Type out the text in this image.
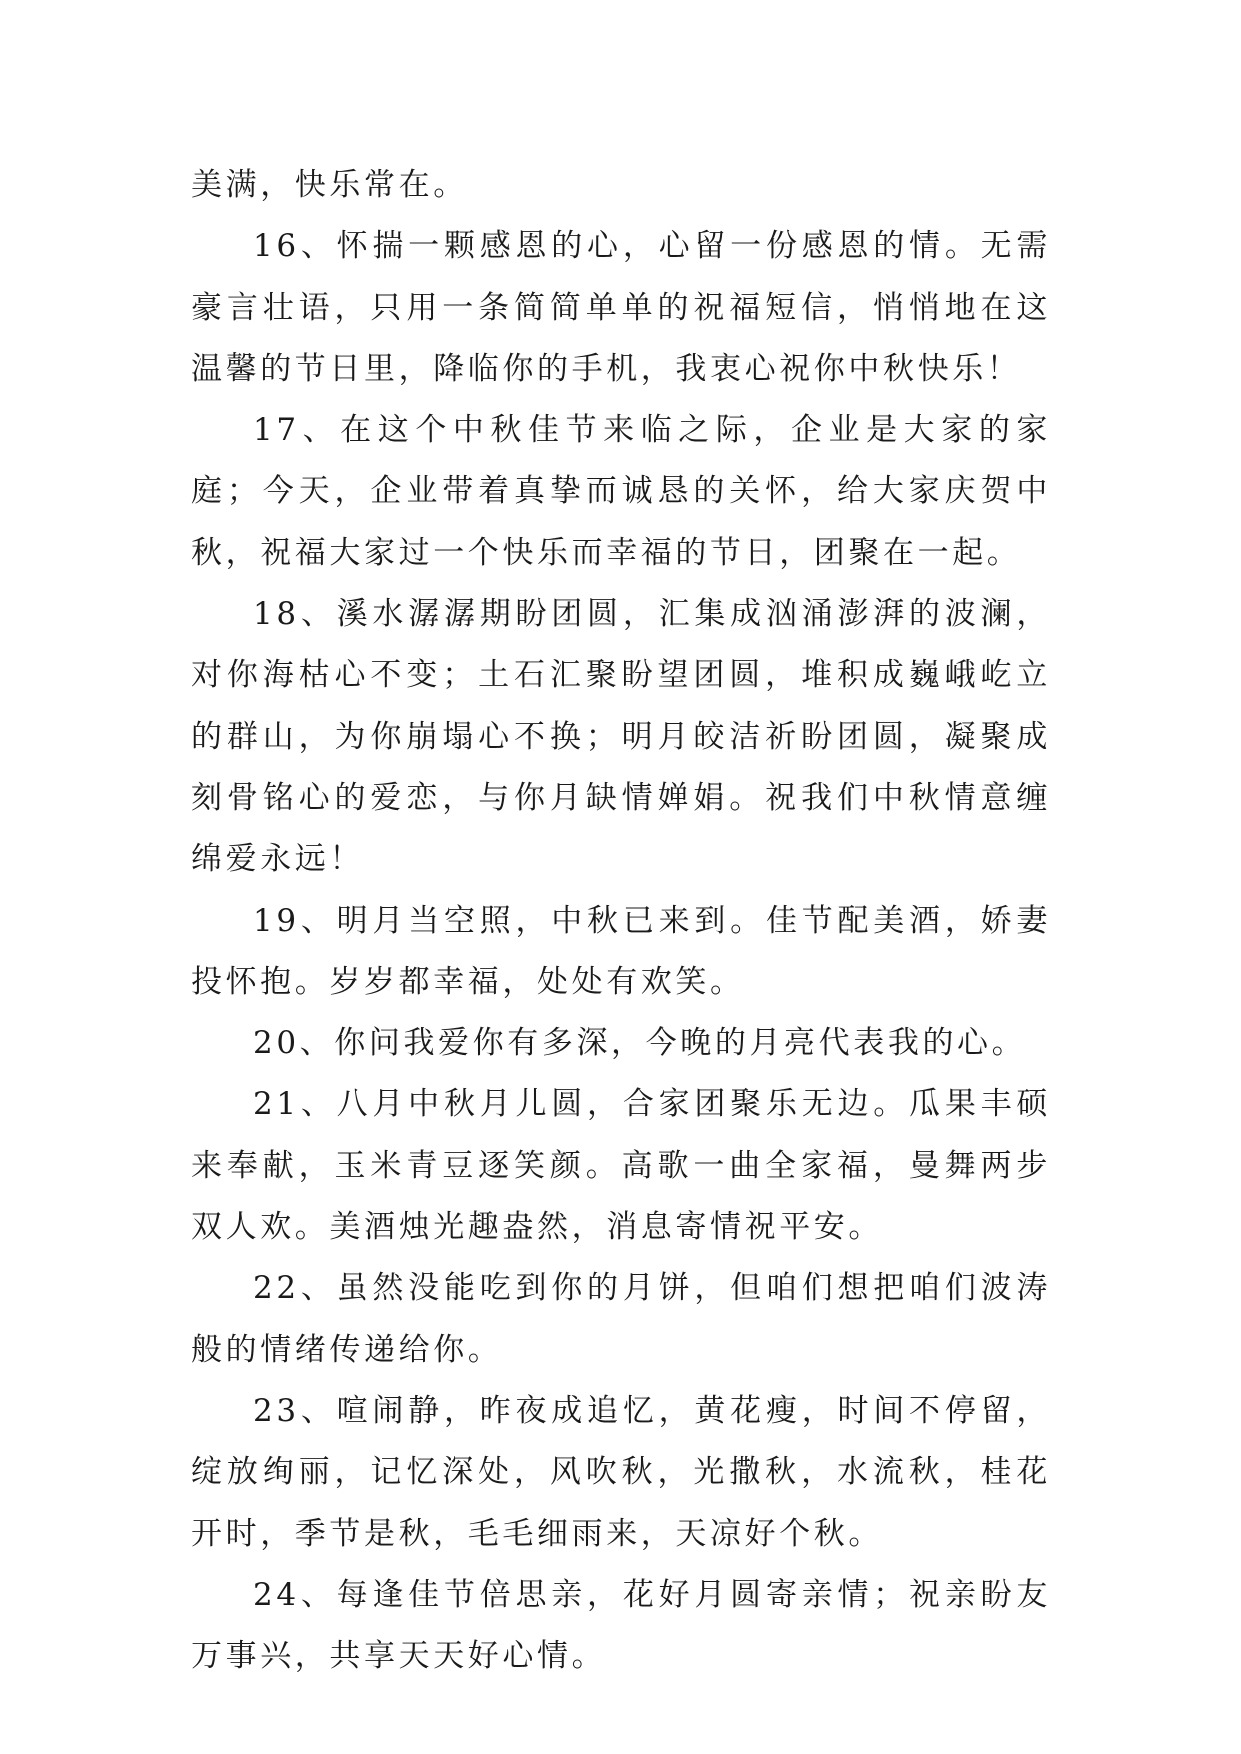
美满，快乐常在。

16、怀揣一颗感恩的心，心留一份感恩的情。无需豪言壮语，只用一条简简单单的祝福短信，悄悄地在这温馨的节日里，降临你的手机，我衷心祝你中秋快乐！

17、在这个中秋佳节来临之际，企业是大家的家庭；今天，企业带着真挚而诚恳的关怀，给大家庆贺中秋，祝福大家过一个快乐而幸福的节日，团聚在一起。

18、溪水潺潺期盼团圆，汇集成汹涌澎湃的波澜，对你海枯心不变；土石汇聚盼望团圆，堆积成巍峨屹立的群山，为你崩塌心不换；明月皎洁祈盼团圆，凝聚成刻骨铭心的爱恋，与你月缺情婵娟。祝我们中秋情意缠绵爱永远！

19、明月当空照，中秋已来到。佳节配美酒，娇妻投怀抱。岁岁都幸福，处处有欢笑。

20、你问我爱你有多深，今晚的月亮代表我的心。

21、八月中秋月儿圆，合家团聚乐无边。瓜果丰硕来奉献，玉米青豆逐笑颜。高歌一曲全家福，曼舞两步双人欢。美酒烛光趣盎然，消息寄情祝平安。

22、虽然没能吃到你的月饼，但咱们想把咱们波涛般的情绪传递给你。

23、喧闹静，昨夜成追忆，黄花瘦，时间不停留，绽放绚丽，记忆深处，风吹秋，光撒秋，水流秋，桂花开时，季节是秋，毛毛细雨来，天凉好个秋。

24、每逢佳节倍思亲，花好月圆寄亲情；祝亲盼友万事兴，共享天天好心情。
